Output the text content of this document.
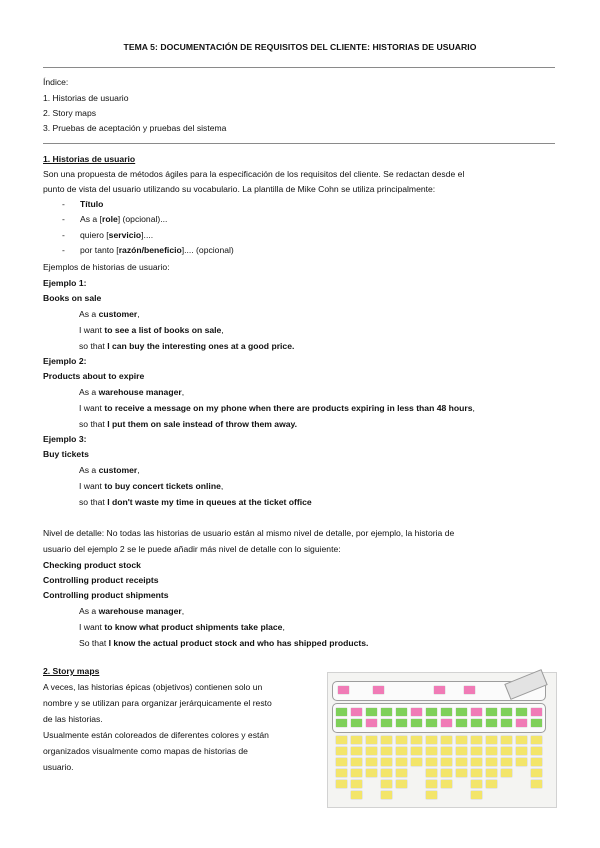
TEMA 5: DOCUMENTACIÓN DE REQUISITOS DEL CLIENTE: HISTORIAS DE USUARIO
Índice:
1. Historias de usuario
2. Story maps
3. Pruebas de aceptación y pruebas del sistema
1. Historias de usuario
Son una propuesta de métodos ágiles para la especificación de los requisitos del cliente. Se redactan desde el
punto de vista del usuario utilizando su vocabulario. La plantilla de Mike Cohn se utiliza principalmente:
- Título
- As a [role] (opcional)...
- quiero [servicio]....
- por tanto [razón/beneficio].... (opcional)
Ejemplos de historias de usuario:
Ejemplo 1:
Books on sale
As a customer,
I want to see a list of books on sale,
so that I can buy the interesting ones at a good price.
Ejemplo 2:
Products about to expire
As a warehouse manager,
I want to receive a message on my phone when there are products expiring in less than 48 hours,
so that I put them on sale instead of throw them away.
Ejemplo 3:
Buy tickets
As a customer,
I want to buy concert tickets online,
so that I don't waste my time in queues at the ticket office
Nivel de detalle: No todas las historias de usuario están al mismo nivel de detalle, por ejemplo, la historia de
usuario del ejemplo 2 se le puede añadir más nivel de detalle con lo siguiente:
Checking product stock
Controlling product receipts
Controlling product shipments
As a warehouse manager,
I want to know what product shipments take place,
So that I know the actual product stock and who has shipped products.
2. Story maps
A veces, las historias épicas (objetivos) contienen solo un
nombre y se utilizan para organizar jerárquicamente el resto
de las historias.
Usualmente están coloreados de diferentes colores y están
organizados visualmente como mapas de historias de
usuario.
